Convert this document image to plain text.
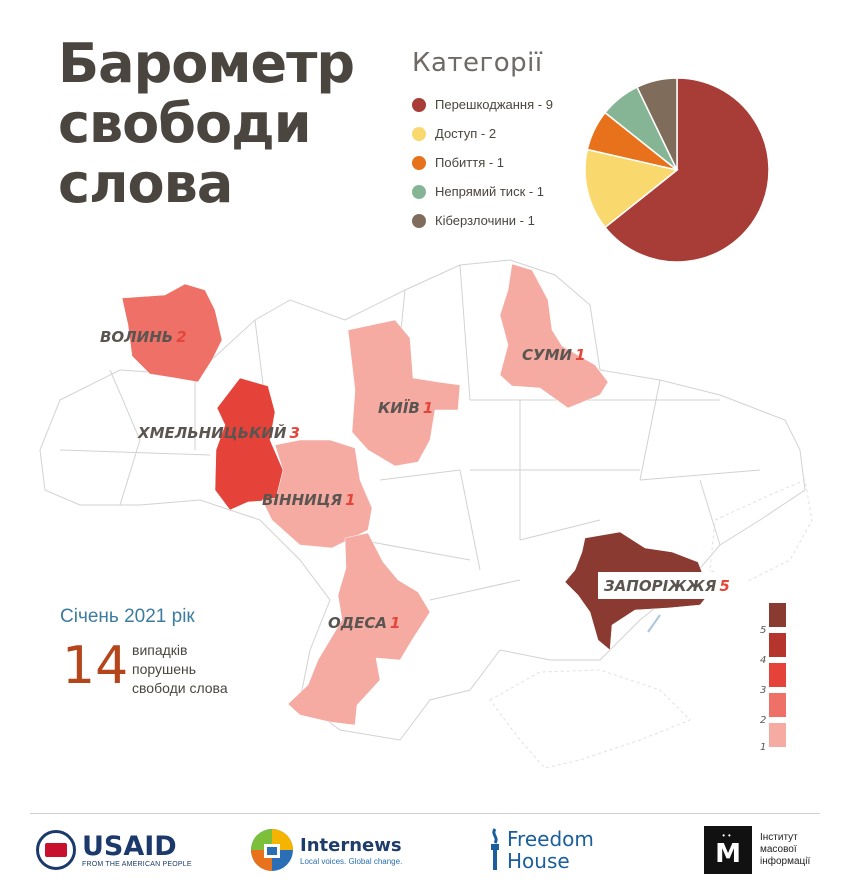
Барометр
свободи
слова
Категорії
Перешкоджання - 9
Доступ - 2
Побиття - 1
Непрямий тиск - 1
Кіберзлочини - 1
ВОЛИНЬ 2
ХМЕЛЬНИЦЬКИЙ 3
ВІННИЦЯ 1
КИЇВ 1
СУМИ 1
ОДЕСА 1
ЗАПОРІЖЖЯ 5
Січень 2021 рік
14 випадків
порушень
свободи слова
5
4
3
2
1
USAID
FROM THE AMERICAN PEOPLE
Internews
Local voices. Global change.
Freedom
House
••
М
Інститут
масової
інформації
